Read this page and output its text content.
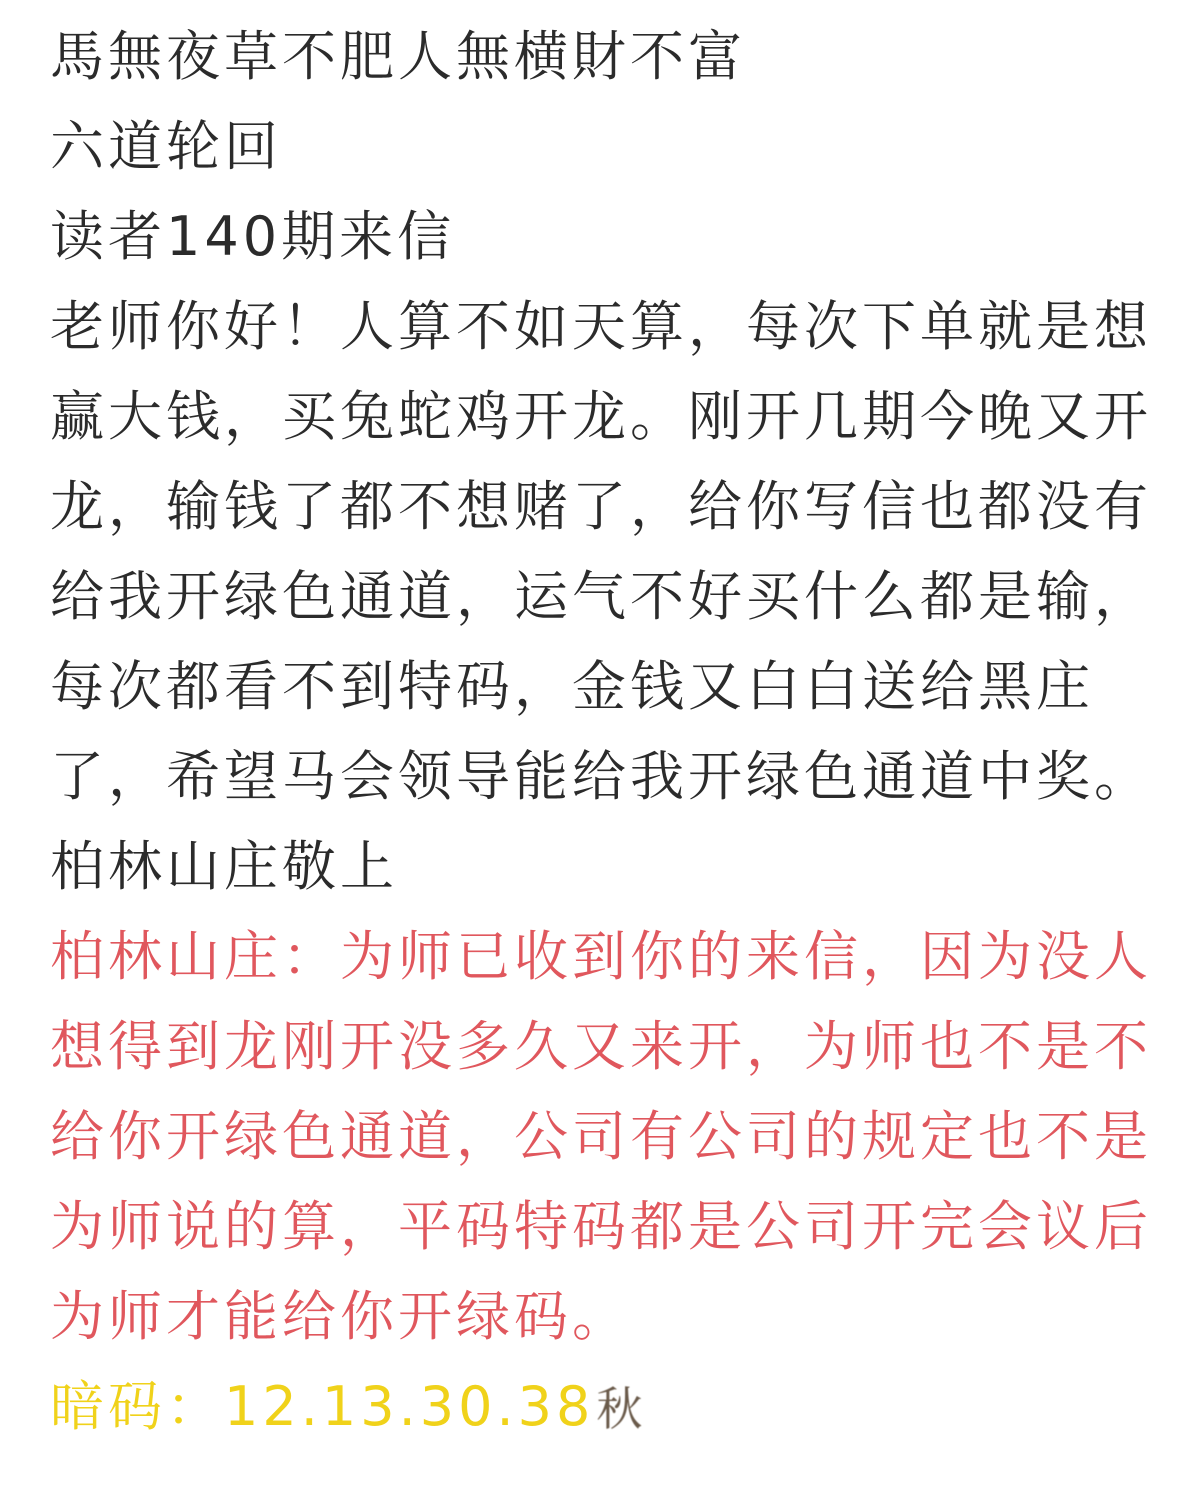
馬無夜草不肥人無横財不富
六道轮回
读者140期来信
老师你好！人算不如天算，每次下单就是想
赢大钱，买兔蛇鸡开龙。刚开几期今晚又开
龙，输钱了都不想赌了，给你写信也都没有
给我开绿色通道，运气不好买什么都是输，
每次都看不到特码，金钱又白白送给黑庄
了，希望马会领导能给我开绿色通道中奖。
柏林山庄敬上
柏林山庄：为师已收到你的来信，因为没人
想得到龙刚开没多久又来开，为师也不是不
给你开绿色通道，公司有公司的规定也不是
为师说的算，平码特码都是公司开完会议后
为师才能给你开绿码。
暗码：12.13.30.38秋
